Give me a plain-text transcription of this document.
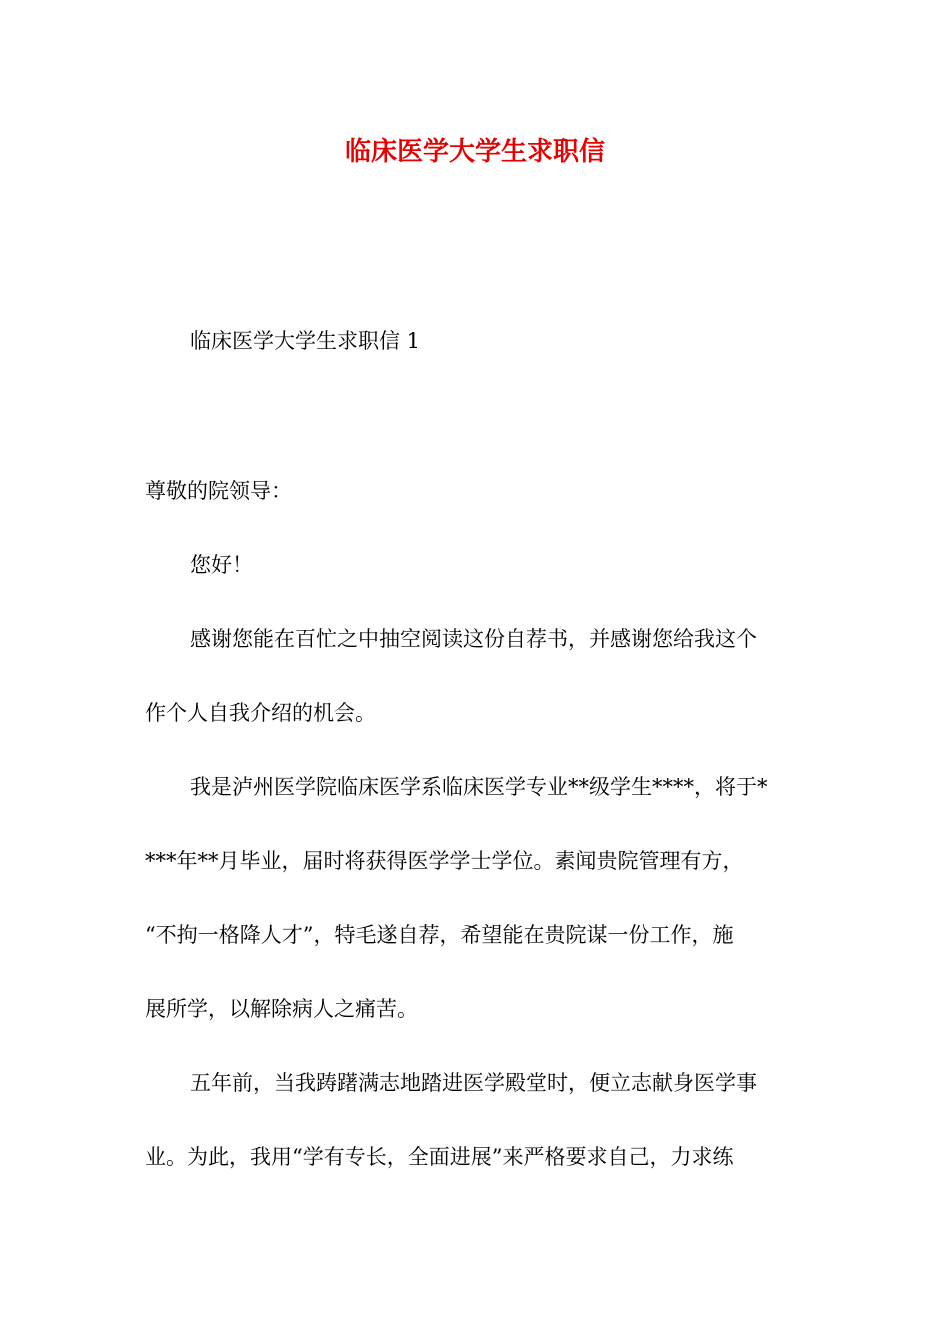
临床医学大学生求职信
临床医学大学生求职信 1
尊敬的院领导：
您好！
感谢您能在百忙之中抽空阅读这份自荐书，并感谢您给我这个
作个人自我介绍的机会。
我是泸州医学院临床医学系临床医学专业**级学生****，将于*
***年**月毕业，届时将获得医学学士学位。素闻贵院管理有方，
“不拘一格降人才”，特毛遂自荐，希望能在贵院谋一份工作，施
展所学，以解除病人之痛苦。
五年前，当我踌躇满志地踏进医学殿堂时，便立志献身医学事
业。为此，我用“学有专长，全面进展”来严格要求自己，力求练
